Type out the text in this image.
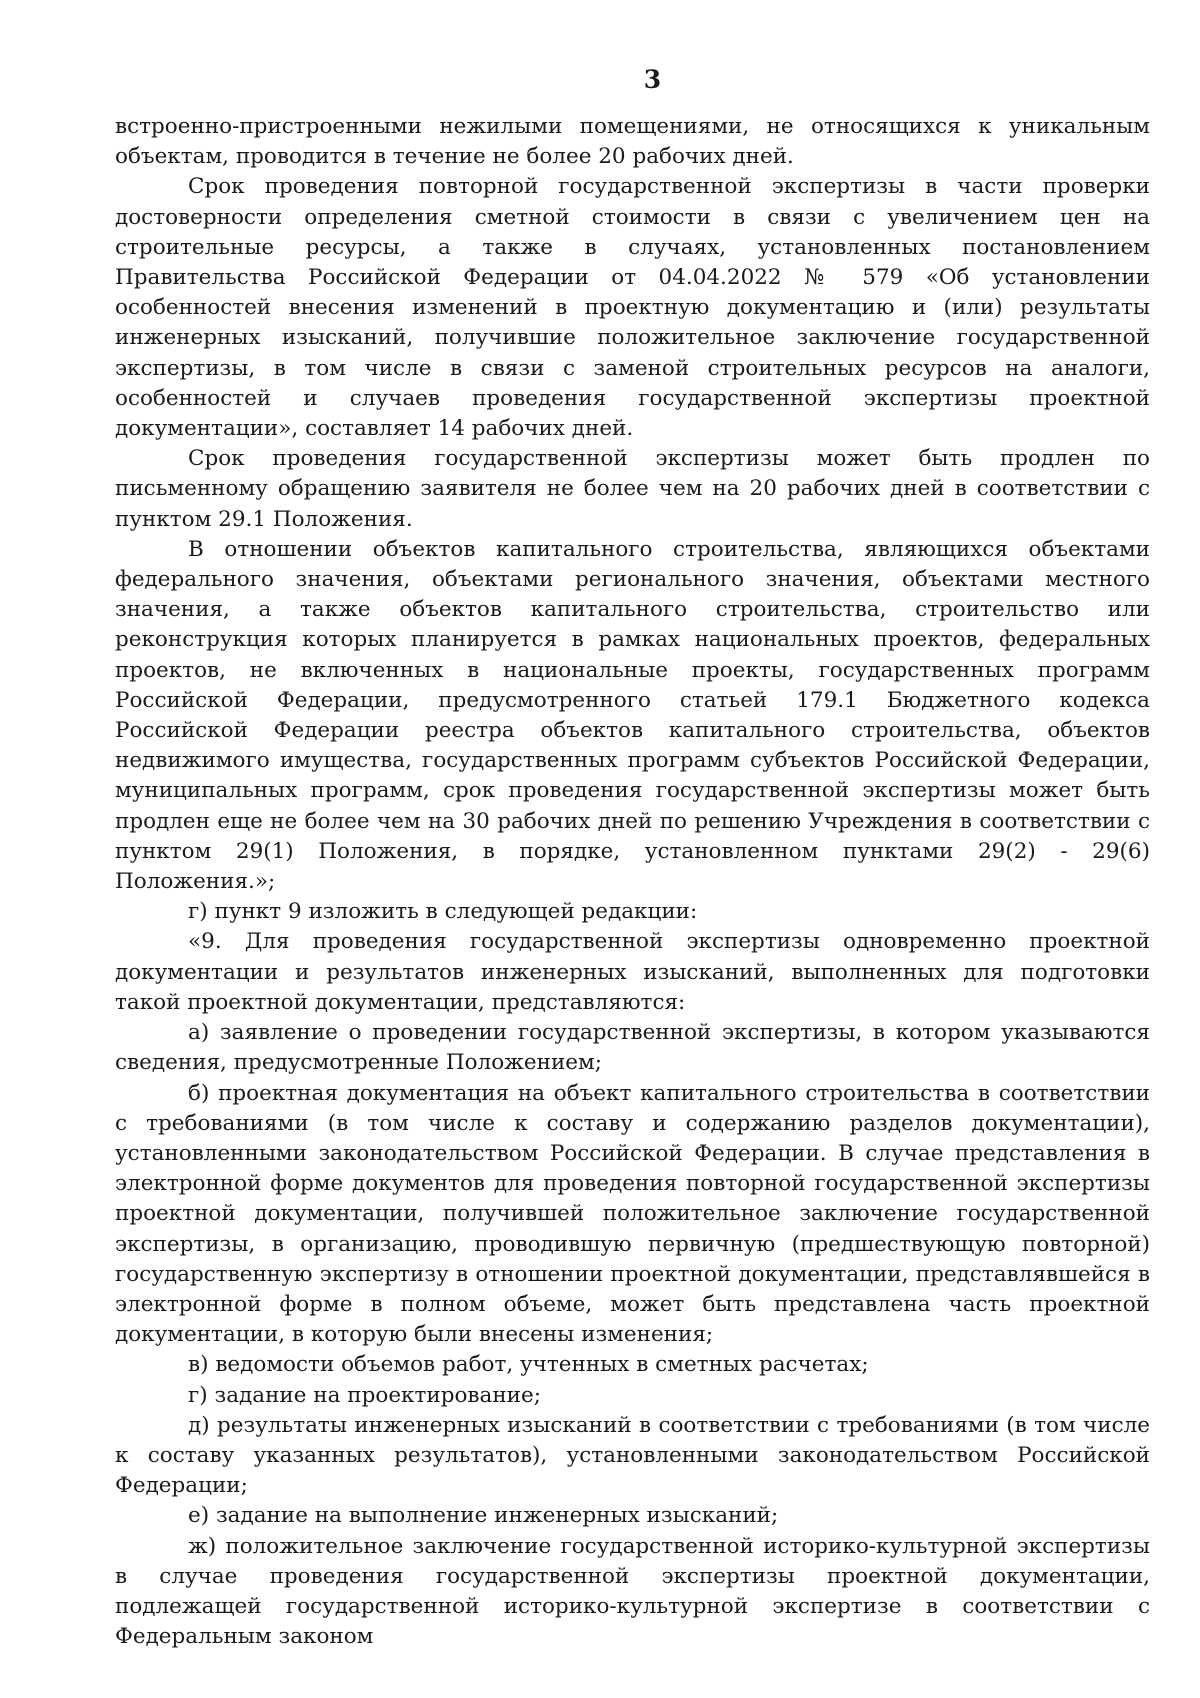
3

встроенно-пристроенными нежилыми помещениями, не относящихся к уникальным объектам, проводится в течение не более 20 рабочих дней.

Срок проведения повторной государственной экспертизы в части проверки достоверности определения сметной стоимости в связи с увеличением цен на строительные ресурсы, а также в случаях, установленных постановлением Правительства Российской Федерации от 04.04.2022 № 579 «Об установлении особенностей внесения изменений в проектную документацию и (или) результаты инженерных изысканий, получившие положительное заключение государственной экспертизы, в том числе в связи с заменой строительных ресурсов на аналоги, особенностей и случаев проведения государственной экспертизы проектной документации», составляет 14 рабочих дней.

Срок проведения государственной экспертизы может быть продлен по письменному обращению заявителя не более чем на 20 рабочих дней в соответствии с пунктом 29.1 Положения.

В отношении объектов капитального строительства, являющихся объектами федерального значения, объектами регионального значения, объектами местного значения, а также объектов капитального строительства, строительство или реконструкция которых планируется в рамках национальных проектов, федеральных проектов, не включенных в национальные проекты, государственных программ Российской Федерации, предусмотренного статьей 179.1 Бюджетного кодекса Российской Федерации реестра объектов капитального строительства, объектов недвижимого имущества, государственных программ субъектов Российской Федерации, муниципальных программ, срок проведения государственной экспертизы может быть продлен еще не более чем на 30 рабочих дней по решению Учреждения в соответствии с пунктом 29(1) Положения, в порядке, установленном пунктами 29(2) - 29(6) Положения.»;

г) пункт 9 изложить в следующей редакции:

«9. Для проведения государственной экспертизы одновременно проектной документации и результатов инженерных изысканий, выполненных для подготовки такой проектной документации, представляются:

а) заявление о проведении государственной экспертизы, в котором указываются сведения, предусмотренные Положением;

б) проектная документация на объект капитального строительства в соответствии с требованиями (в том числе к составу и содержанию разделов документации), установленными законодательством Российской Федерации. В случае представления в электронной форме документов для проведения повторной государственной экспертизы проектной документации, получившей положительное заключение государственной экспертизы, в организацию, проводившую первичную (предшествующую повторной) государственную экспертизу в отношении проектной документации, представлявшейся в электронной форме в полном объеме, может быть представлена часть проектной документации, в которую были внесены изменения;

в) ведомости объемов работ, учтенных в сметных расчетах;

г) задание на проектирование;

д) результаты инженерных изысканий в соответствии с требованиями (в том числе к составу указанных результатов), установленными законодательством Российской Федерации;

е) задание на выполнение инженерных изысканий;

ж) положительное заключение государственной историко-культурной экспертизы в случае проведения государственной экспертизы проектной документации, подлежащей государственной историко-культурной экспертизе в соответствии с Федеральным законом
